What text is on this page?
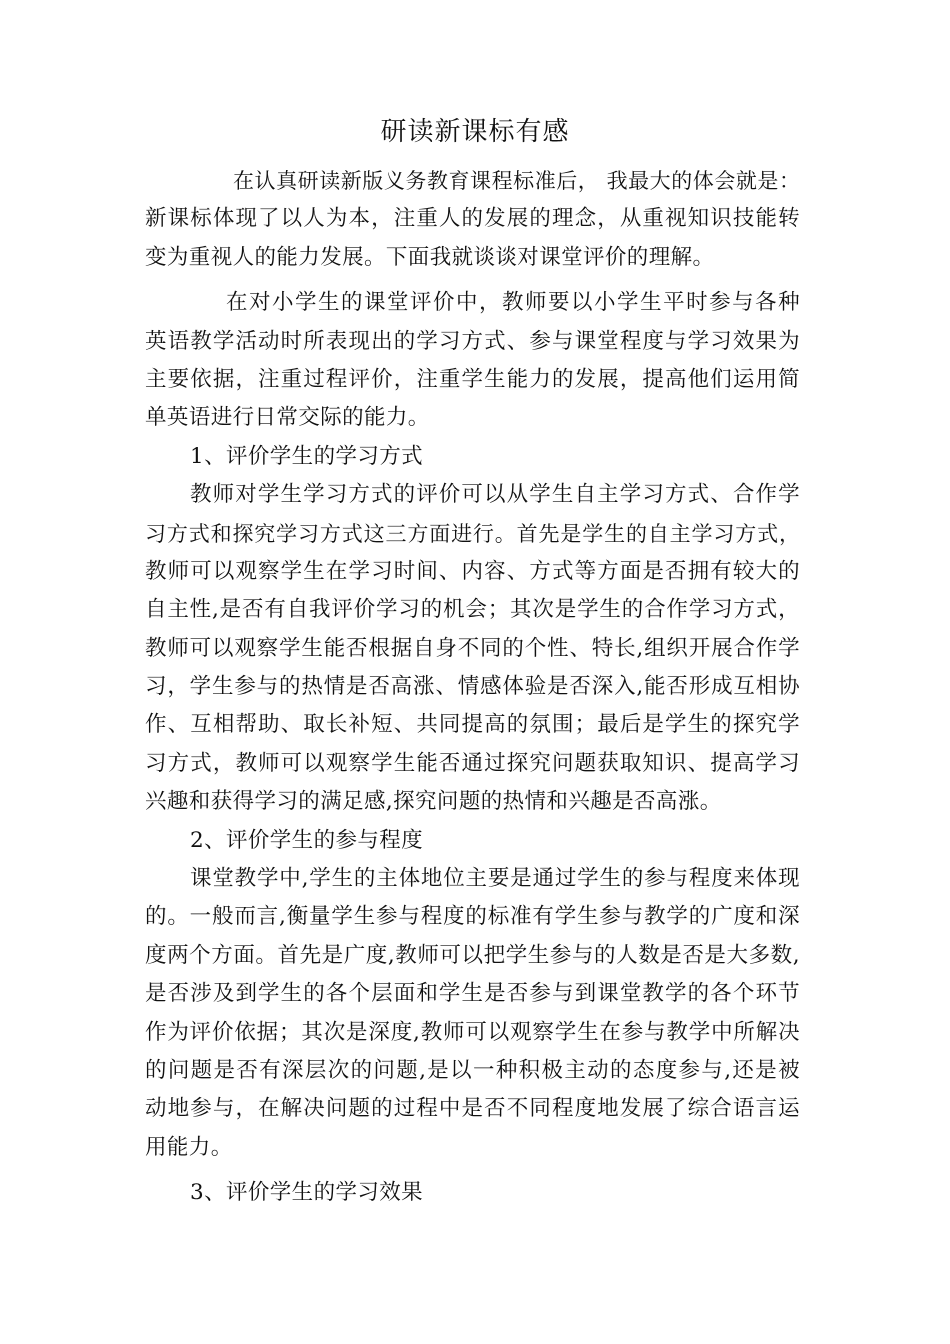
研读新课标有感
在认真研读新版义务教育课程标准后， 我最大的体会就是：
新课标体现了以人为本，注重人的发展的理念，从重视知识技能转
变为重视人的能力发展。下面我就谈谈对课堂评价的理解。
在对小学生的课堂评价中，教师要以小学生平时参与各种
英语教学活动时所表现出的学习方式、参与课堂程度与学习效果为
主要依据，注重过程评价，注重学生能力的发展，提高他们运用简
单英语进行日常交际的能力。
1、评价学生的学习方式
教师对学生学习方式的评价可以从学生自主学习方式、合作学
习方式和探究学习方式这三方面进行。首先是学生的自主学习方式，
教师可以观察学生在学习时间、内容、方式等方面是否拥有较大的
自主性,是否有自我评价学习的机会；其次是学生的合作学习方式，
教师可以观察学生能否根据自身不同的个性、特长,组织开展合作学
习，学生参与的热情是否高涨、情感体验是否深入,能否形成互相协
作、互相帮助、取长补短、共同提高的氛围；最后是学生的探究学
习方式，教师可以观察学生能否通过探究问题获取知识、提高学习
兴趣和获得学习的满足感,探究问题的热情和兴趣是否高涨。
2、评价学生的参与程度
课堂教学中,学生的主体地位主要是通过学生的参与程度来体现
的。一般而言,衡量学生参与程度的标准有学生参与教学的广度和深
度两个方面。首先是广度,教师可以把学生参与的人数是否是大多数,
是否涉及到学生的各个层面和学生是否参与到课堂教学的各个环节
作为评价依据；其次是深度,教师可以观察学生在参与教学中所解决
的问题是否有深层次的问题,是以一种积极主动的态度参与,还是被
动地参与，在解决问题的过程中是否不同程度地发展了综合语言运
用能力。
3、评价学生的学习效果
